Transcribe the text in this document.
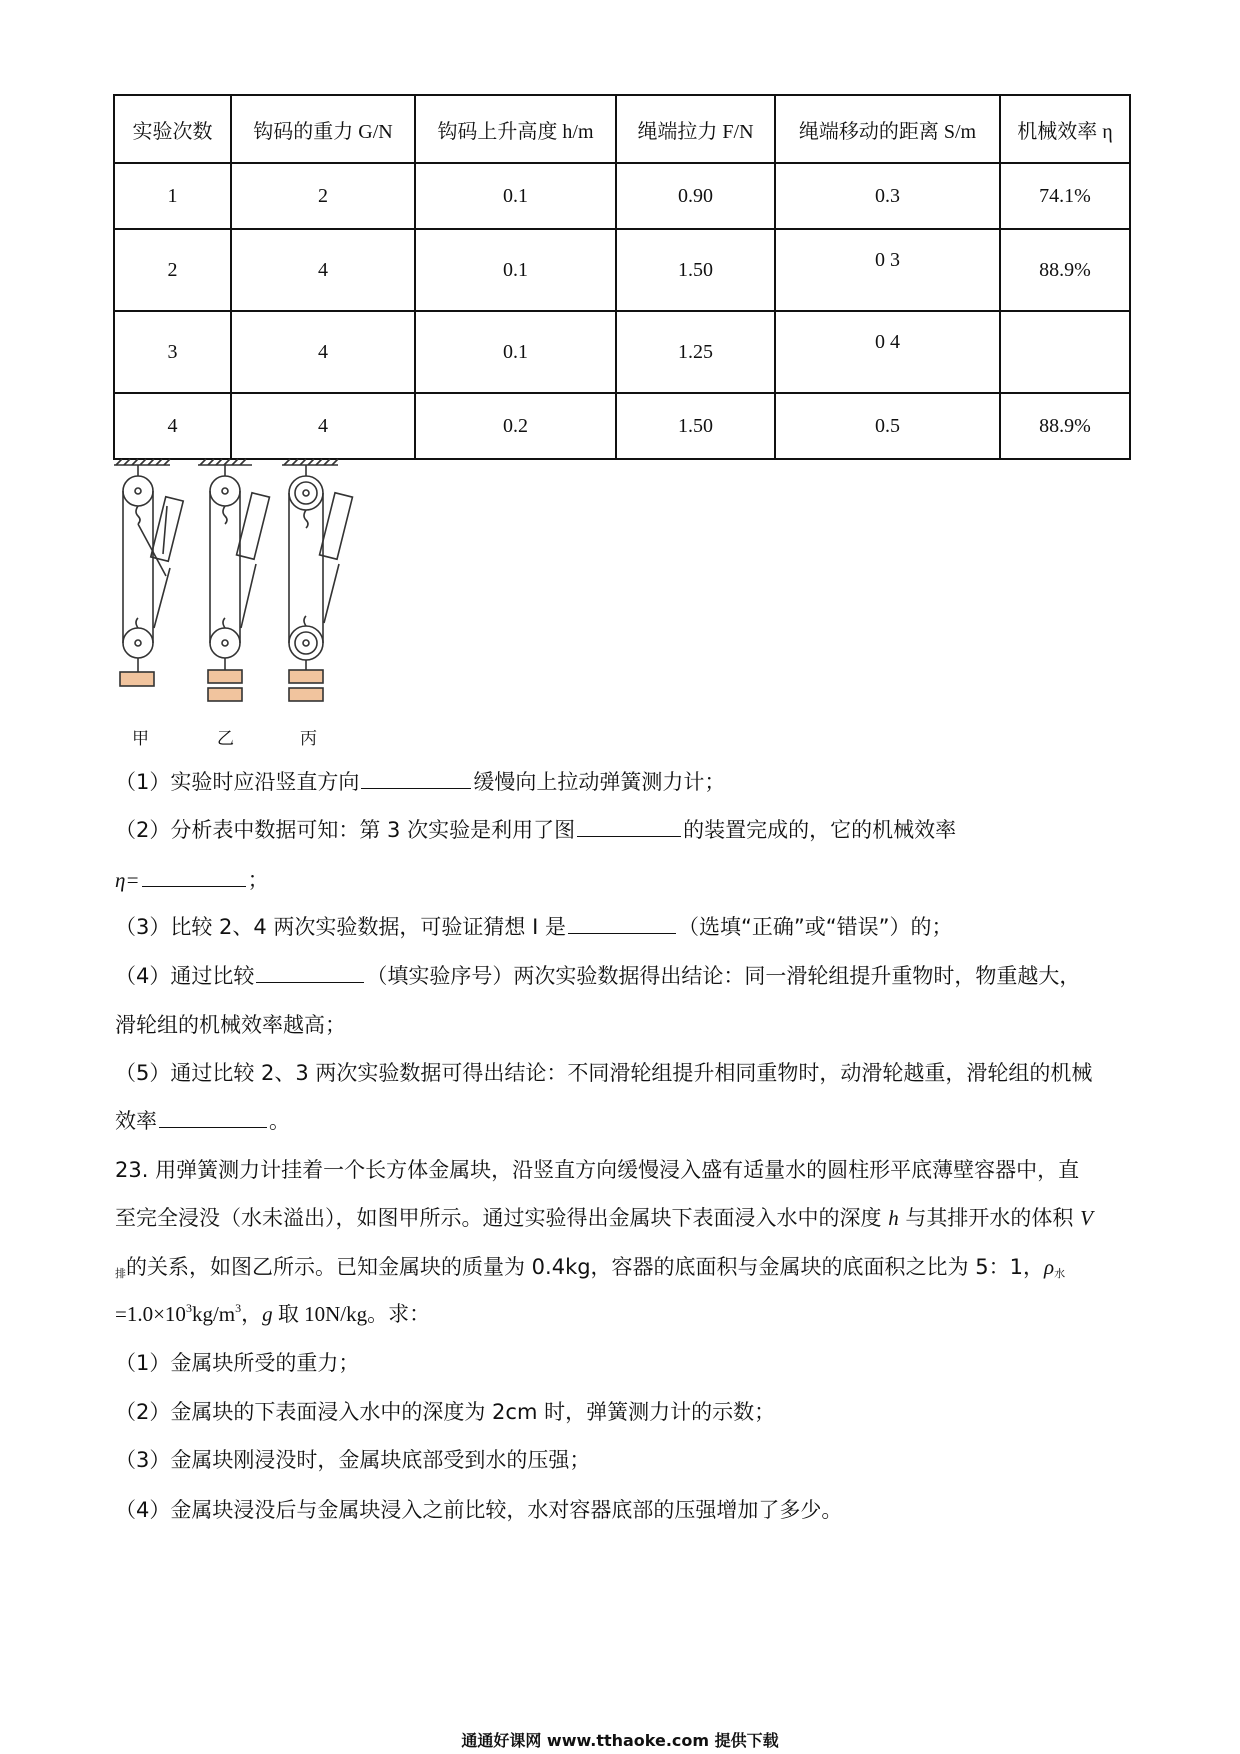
实验次数	钩码的重力 G/N	钩码上升高度 h/m	绳端拉力 F/N	绳端移动的距离 S/m	机械效率 η
1	2	0.1	0.90	0.3	74.1%
2	4	0.1	1.50	0 3	88.9%
3	4	0.1	1.25	0 4	
4	4	0.2	1.50	0.5	88.9%
甲	乙	丙
（1）实验时应沿竖直方向	缓慢向上拉动弹簧测力计；
（2）分析表中数据可知：第 3 次实验是利用了图	的装置完成的，它的机械效率
η=	；
（3）比较 2、4 两次实验数据，可验证猜想 I 是	（选填“正确”或“错误”）的；
（4）通过比较	（填实验序号）两次实验数据得出结论：同一滑轮组提升重物时，物重越大，
滑轮组的机械效率越高；
（5）通过比较 2、3 两次实验数据可得出结论：不同滑轮组提升相同重物时，动滑轮越重，滑轮组的机械
效率	。
23. 用弹簧测力计挂着一个长方体金属块，沿竖直方向缓慢浸入盛有适量水的圆柱形平底薄壁容器中，直
至完全浸没（水未溢出），如图甲所示。通过实验得出金属块下表面浸入水中的深度 h 与其排开水的体积 V
$_排$的关系，如图乙所示。已知金属块的质量为 0.4kg，容器的底面积与金属块的底面积之比为 5：1，$\rho_水$
$=1.0\times 10^3kg/m^3$，g 取 10N/kg。求：
（1）金属块所受的重力；
（2）金属块的下表面浸入水中的深度为 2cm 时，弹簧测力计的示数；
（3）金属块刚浸没时，金属块底部受到水的压强；
（4）金属块浸没后与金属块浸入之前比较，水对容器底部的压强增加了多少。
通通好课网 www.tthaoke.com 提供下载
